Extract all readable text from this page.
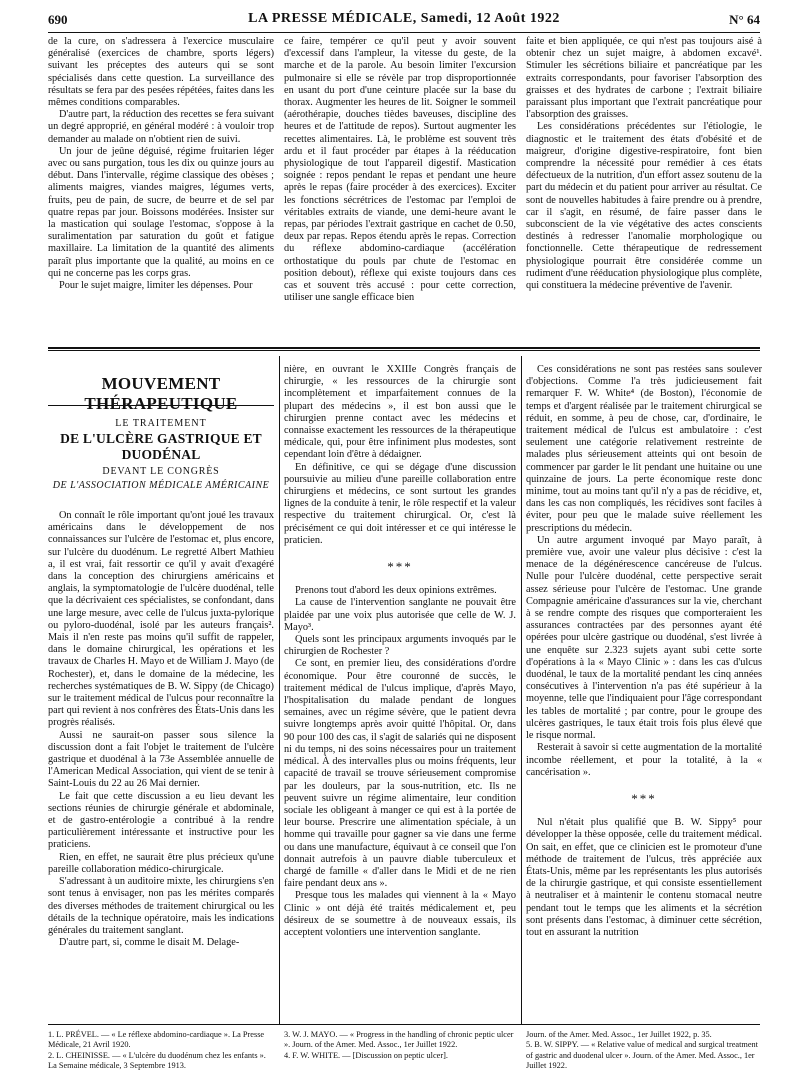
690	LA PRESSE MÉDICALE, Samedi, 12 Août 1922	N° 64

de la cure, on s'adressera à l'exercice musculaire généralisé (exercices de chambre, sports légers) suivant les préceptes des auteurs qui se sont spécialisés dans cette question. La surveillance des résultats se fera par des pesées répétées, faites dans les mêmes conditions comparables.

D'autre part, la réduction des recettes se fera suivant un degré approprié, en général modéré : à vouloir trop demander au malade on n'obtient rien de suivi.

Un jour de jeûne déguisé, régime fruitarien léger avec ou sans purgation, tous les dix ou quinze jours au début. Dans l'intervalle, régime classique des obèses ; aliments maigres, viandes maigres, légumes verts, fruits, peu de pain, de sucre, de beurre et de sel par quatre repas par jour. Boissons modérées. Insister sur la mastication qui soulage l'estomac, s'oppose à la suralimentation par saturation du goût et fatigue maxillaire. La limitation de la quantité des aliments paraît plus importante que la qualité, au moins en ce qui ne concerne pas les corps gras.

Pour le sujet maigre, limiter les dépenses. Pour

ce faire, tempérer ce qu'il peut y avoir souvent d'excessif dans l'ampleur, la vitesse du geste, de la marche et de la parole. Au besoin limiter l'excursion pulmonaire si elle se révèle par trop disproportionnée en usant du port d'une ceinture placée sur la base du thorax. Augmenter les heures de lit. Soigner le sommeil (aérothérapie, douches tièdes baveuses, discipline des heures et de l'attitude de repos). Surtout augmenter les recettes alimentaires. Là, le problème est souvent très ardu et il faut procéder par étapes à la rééducation physiologique de tout l'appareil digestif. Mastication soignée : repos pendant le repas et pendant une heure après le repas (faire procéder à des exercices). Exciter les fonctions sécrétrices de l'estomac par l'emploi de véritables extraits de viande, une demi-heure avant le repas, par périodes l'extrait gastrique en cachet de 0.50, deux par repas. Repos étendu après le repas. Correction du réflexe abdomino-cardiaque (accélération orthostatique du pouls par chute de l'estomac en position debout), réflexe qui existe toujours dans ces cas et souvent très accusé : pour cette correction, utiliser une sangle efficace bien

faite et bien appliquée, ce qui n'est pas toujours aisé à obtenir chez un sujet maigre, à abdomen excavé¹. Stimuler les sécrétions biliaire et pancréatique par les extraits correspondants, pour favoriser l'absorption des graisses et des hydrates de carbone ; l'extrait biliaire paraissant plus important que l'extrait pancréatique pour l'absorption des graisses.

Les considérations précédentes sur l'étiologie, le diagnostic et le traitement des états d'obésité et de maigreur, d'origine digestive-respiratoire, font bien comprendre la nécessité pour remédier à ces états défectueux de la nutrition, d'un effort assez soutenu de la part du médecin et du patient pour arriver au résultat. Ce sont de nouvelles habitudes à faire prendre ou à prendre, car il s'agit, en résumé, de faire passer dans le subconscient de la vie végétative des actes conscients destinés à redresser l'anomalie morphologique ou fonctionnelle. Cette thérapeutique de redressement physiologique pourrait être considérée comme un rudiment d'une rééducation physiologique plus complète, qui constituera la médecine préventive de l'avenir.

MOUVEMENT THÉRAPEUTIQUE
LE TRAITEMENT
DE L'ULCÈRE GASTRIQUE ET DUODÉNAL
DEVANT LE CONGRÈS
DE L'ASSOCIATION MÉDICALE AMÉRICAINE

On connaît le rôle important qu'ont joué les travaux américains dans le développement de nos connaissances sur l'ulcère de l'estomac et, plus encore, sur l'ulcère du duodénum. Le regretté Albert Mathieu a, il est vrai, fait ressortir ce qu'il y avait d'exagéré dans la conception des chirurgiens américains et anglais, la symptomatologie de l'ulcère duodénal, telle que la décrivaient ces spécialistes, se confondant, dans une large mesure, avec celle de l'ulcus juxta-pylorique ou pyloro-duodénal, isolé par les auteurs français². Mais il n'en reste pas moins qu'il suffit de rappeler, dans le domaine chirurgical, les opérations et les travaux de Charles H. Mayo et de William J. Mayo (de Rochester), et, dans le domaine de la médecine, les recherches systématiques de B. W. Sippy (de Chicago) sur le traitement médical de l'ulcus pour reconnaître la part qui revient à nos confrères des États-Unis dans les progrès réalisés.

Aussi ne saurait-on passer sous silence la discussion dont a fait l'objet le traitement de l'ulcère gastrique et duodénal à la 73e Assemblée annuelle de l'American Medical Association, qui vient de se tenir à Saint-Louis du 22 au 26 Mai dernier.

Le fait que cette discussion a eu lieu devant les sections réunies de chirurgie générale et abdominale, et de gastro-entérologie a contribué à la rendre particulièrement intéressante et instructive pour les praticiens.

Rien, en effet, ne saurait être plus précieux qu'une pareille collaboration médico-chirurgicale.

S'adressant à un auditoire mixte, les chirurgiens s'en sont tenus à envisager, non pas les mérites comparés des diverses méthodes de traitement chirurgical ou les détails de la technique opératoire, mais les indications générales du traitement sanglant.

D'autre part, si, comme le disait M. Delage-

nière, en ouvrant le XXIIIe Congrès français de chirurgie, « les ressources de la chirurgie sont incomplètement et imparfaitement connues de la plupart des médecins », il est bon aussi que le chirurgien prenne contact avec les médecins et connaisse exactement les ressources de la thérapeutique médicale, qui, pour être infiniment plus modestes, sont cependant loin d'être à dédaigner.

En définitive, ce qui se dégage d'une discussion poursuivie au milieu d'une pareille collaboration entre chirurgiens et médecins, ce sont surtout les grandes lignes de la conduite à tenir, le rôle respectif et la valeur respective du traitement chirurgical. Or, c'est là précisément ce qui doit intéresser et ce qui intéresse le praticien.

***

Prenons tout d'abord les deux opinions extrêmes.

La cause de l'intervention sanglante ne pouvait être plaidée par une voix plus autorisée que celle de W. J. Mayo³.

Quels sont les principaux arguments invoqués par le chirurgien de Rochester ?

Ce sont, en premier lieu, des considérations d'ordre économique. Pour être couronné de succès, le traitement médical de l'ulcus implique, d'après Mayo, l'hospitalisation du malade pendant de longues semaines, avec un régime sévère, que le patient devra suivre longtemps après avoir quitté l'hôpital. Or, dans 90 pour 100 des cas, il s'agit de salariés qui ne disposent ni du temps, ni des soins nécessaires pour un traitement médical. À des intervalles plus ou moins fréquents, leur capacité de travail se trouve sérieusement compromise par les douleurs, par la sous-nutrition, etc. Ils ne peuvent suivre un régime alimentaire, leur condition sociale les obligeant à manger ce qui est à la portée de leur bourse. Prescrire une alimentation spéciale, à un homme qui travaille pour gagner sa vie dans une ferme ou dans une manufacture, équivaut à ce conseil que l'on donnait autrefois à un pauvre diable tuberculeux et chargé de famille « d'aller dans le Midi et de ne rien faire pendant deux ans ».

Presque tous les malades qui viennent à la « Mayo Clinic » ont déjà été traités médicalement et, peu désireux de se soumettre à de nouveaux essais, ils acceptent volontiers une intervention sanglante.

Ces considérations ne sont pas restées sans soulever d'objections. Comme l'a très judicieusement fait remarquer F. W. White⁴ (de Boston), l'économie de temps et d'argent réalisée par le traitement chirurgical se réduit, en somme, à peu de chose, car, d'ordinaire, le traitement médical de l'ulcus est ambulatoire : c'est seulement une catégorie relativement restreinte de malades plus sérieusement atteints qui ont besoin de commencer par garder le lit pendant une huitaine ou une quinzaine de jours. La perte économique reste donc minime, tout au moins tant qu'il n'y a pas de récidive, et, dans les cas non compliqués, les récidives sont faciles à éviter, pour peu que le malade suive réellement les prescriptions du médecin.

Un autre argument invoqué par Mayo paraît, à première vue, avoir une valeur plus décisive : c'est la menace de la dégénérescence cancéreuse de l'ulcus. Nulle pour l'ulcère duodénal, cette perspective serait assez sérieuse pour l'ulcère de l'estomac. Une grande Compagnie américaine d'assurances sur la vie, cherchant à se rendre compte des risques que comporteraient les assurances contractées par des personnes ayant été opérées pour ulcère gastrique ou duodénal, s'est livrée à une enquête sur 2.323 sujets ayant subi cette sorte d'opérations à la « Mayo Clinic » : dans les cas d'ulcus duodénal, le taux de la mortalité pendant les cinq années consécutives à l'intervention n'a pas été supérieur à la moyenne, telle que l'indiquaient pour l'âge correspondant les tables de mortalité ; par contre, pour le groupe des ulcères gastriques, le taux était trois fois plus élevé que le risque normal.

Resterait à savoir si cette augmentation de la mortalité incombe réellement, et pour la totalité, à la « cancérisation ».

***

Nul n'était plus qualifié que B. W. Sippy⁵ pour développer la thèse opposée, celle du traitement médical. On sait, en effet, que ce clinicien est le promoteur d'une méthode de traitement de l'ulcus, très appréciée aux États-Unis, même par les représentants les plus autorisés de la chirurgie gastrique, et qui consiste essentiellement à neutraliser et à maintenir le contenu stomacal neutre pendant tout le temps que les aliments et la sécrétion sont présents dans l'estomac, à diminuer cette sécrétion, tout en assurant la nutrition

1. L. PRÉVEL. — « Le réflexe abdomino-cardiaque ». La Presse Médicale, 21 Avril 1920.

2. L. CHEINISSE. — « L'ulcère du duodénum chez les enfants ». La Semaine médicale, 3 Septembre 1913.

3. W. J. MAYO. — « Progress in the handling of chronic peptic ulcer ». Journ. of the Amer. Med. Assoc., 1er Juillet 1922.

4. F. W. WHITE. — [Discussion on peptic ulcer].

Journ. of the Amer. Med. Assoc., 1er Juillet 1922, p. 35.

5. B. W. SIPPY. — « Relative value of medical and surgical treatment of gastric and duodenal ulcer ». Journ. of the Amer. Med. Assoc., 1er Juillet 1922.
